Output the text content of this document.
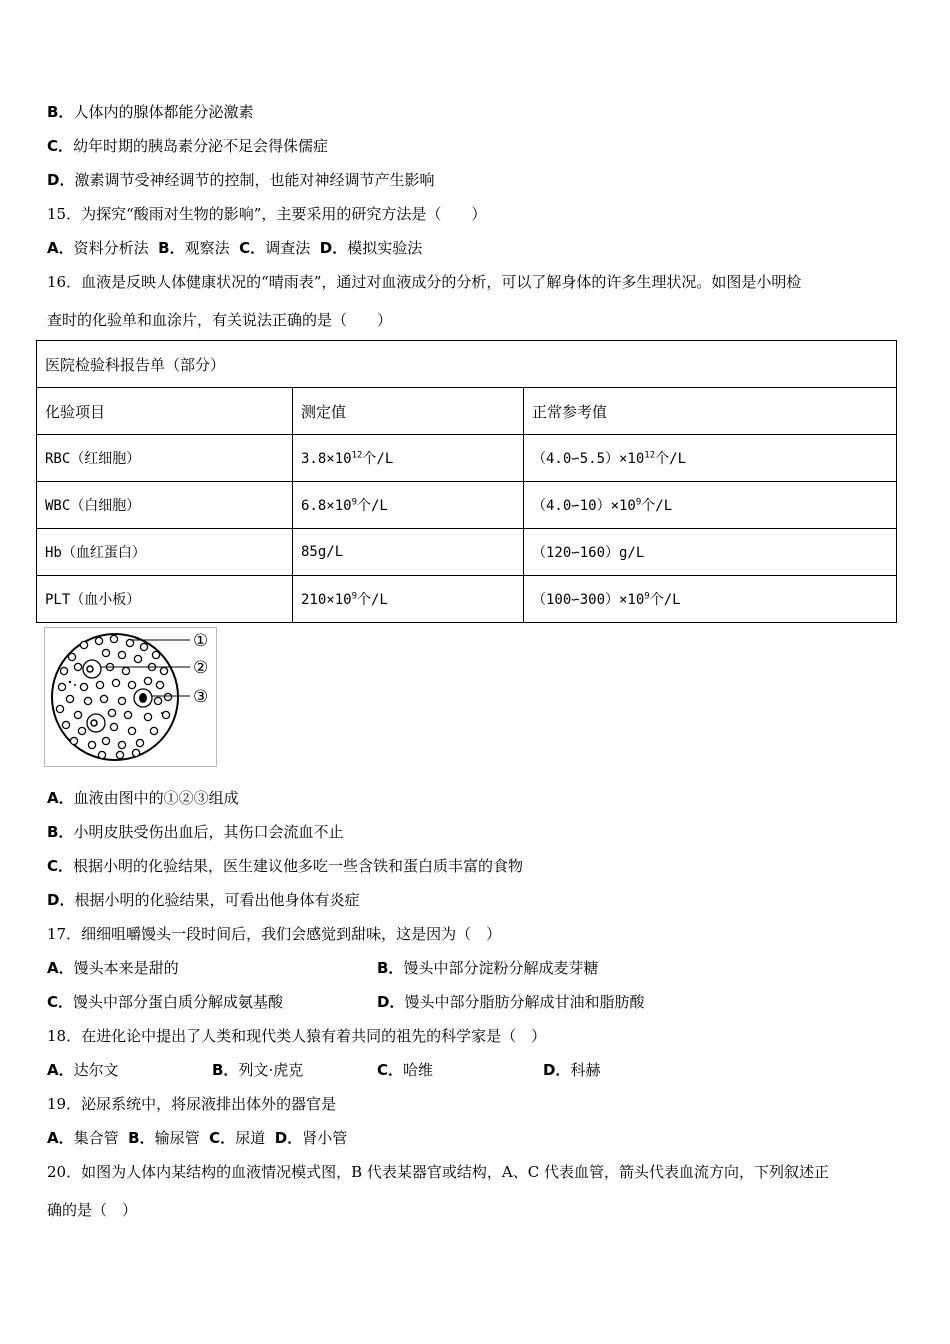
B．人体内的腺体都能分泌激素
C．幼年时期的胰岛素分泌不足会得侏儒症
D．激素调节受神经调节的控制，也能对神经调节产生影响
15．为探究“酸雨对生物的影响”，主要采用的研究方法是（　　）
A．资料分析法 B．观察法 C．调查法 D．模拟实验法
16．血液是反映人体健康状况的“晴雨表”，通过对血液成分的分析，可以了解身体的许多生理状况。如图是小明检
查时的化验单和血涂片，有关说法正确的是（　　）
医院检验科报告单（部分）		
化验项目	测定值	正常参考值
RBC（红细胞）	$3.8\times 10^{12}$个/L	$(4.0∽5.5)\times 10^{12}$个/L
WBC（白细胞）	$6.8\times 10^9$个/L	$(4.0∽10)\times 10^9$个/L
Hb（血红蛋白）	85g/L	（120∽160）g/L
PLT（血小板）	$210\times 10^9$个/L	$(100∽300)\times 10^9$个/L
①
②
③
A．血液由图中的①②③组成
B．小明皮肤受伤出血后，其伤口会流血不止
C．根据小明的化验结果，医生建议他多吃一些含铁和蛋白质丰富的食物
D．根据小明的化验结果，可看出他身体有炎症
17．细细咀嚼馒头一段时间后，我们会感觉到甜味，这是因为（　）
A．馒头本来是甜的	B．馒头中部分淀粉分解成麦芽糖
C．馒头中部分蛋白质分解成氨基酸	D．馒头中部分脂肪分解成甘油和脂肪酸
18．在进化论中提出了人类和现代类人猿有着共同的祖先的科学家是（　）
A．达尔文	B．列文·虎克	C．哈维	D．科赫
19．泌尿系统中，将尿液排出体外的器官是
A．集合管 B．输尿管 C．尿道 D．肾小管
20．如图为人体内某结构的血液情况模式图，B 代表某器官或结构，A、C 代表血管，箭头代表血流方向，下列叙述正
确的是（　）
